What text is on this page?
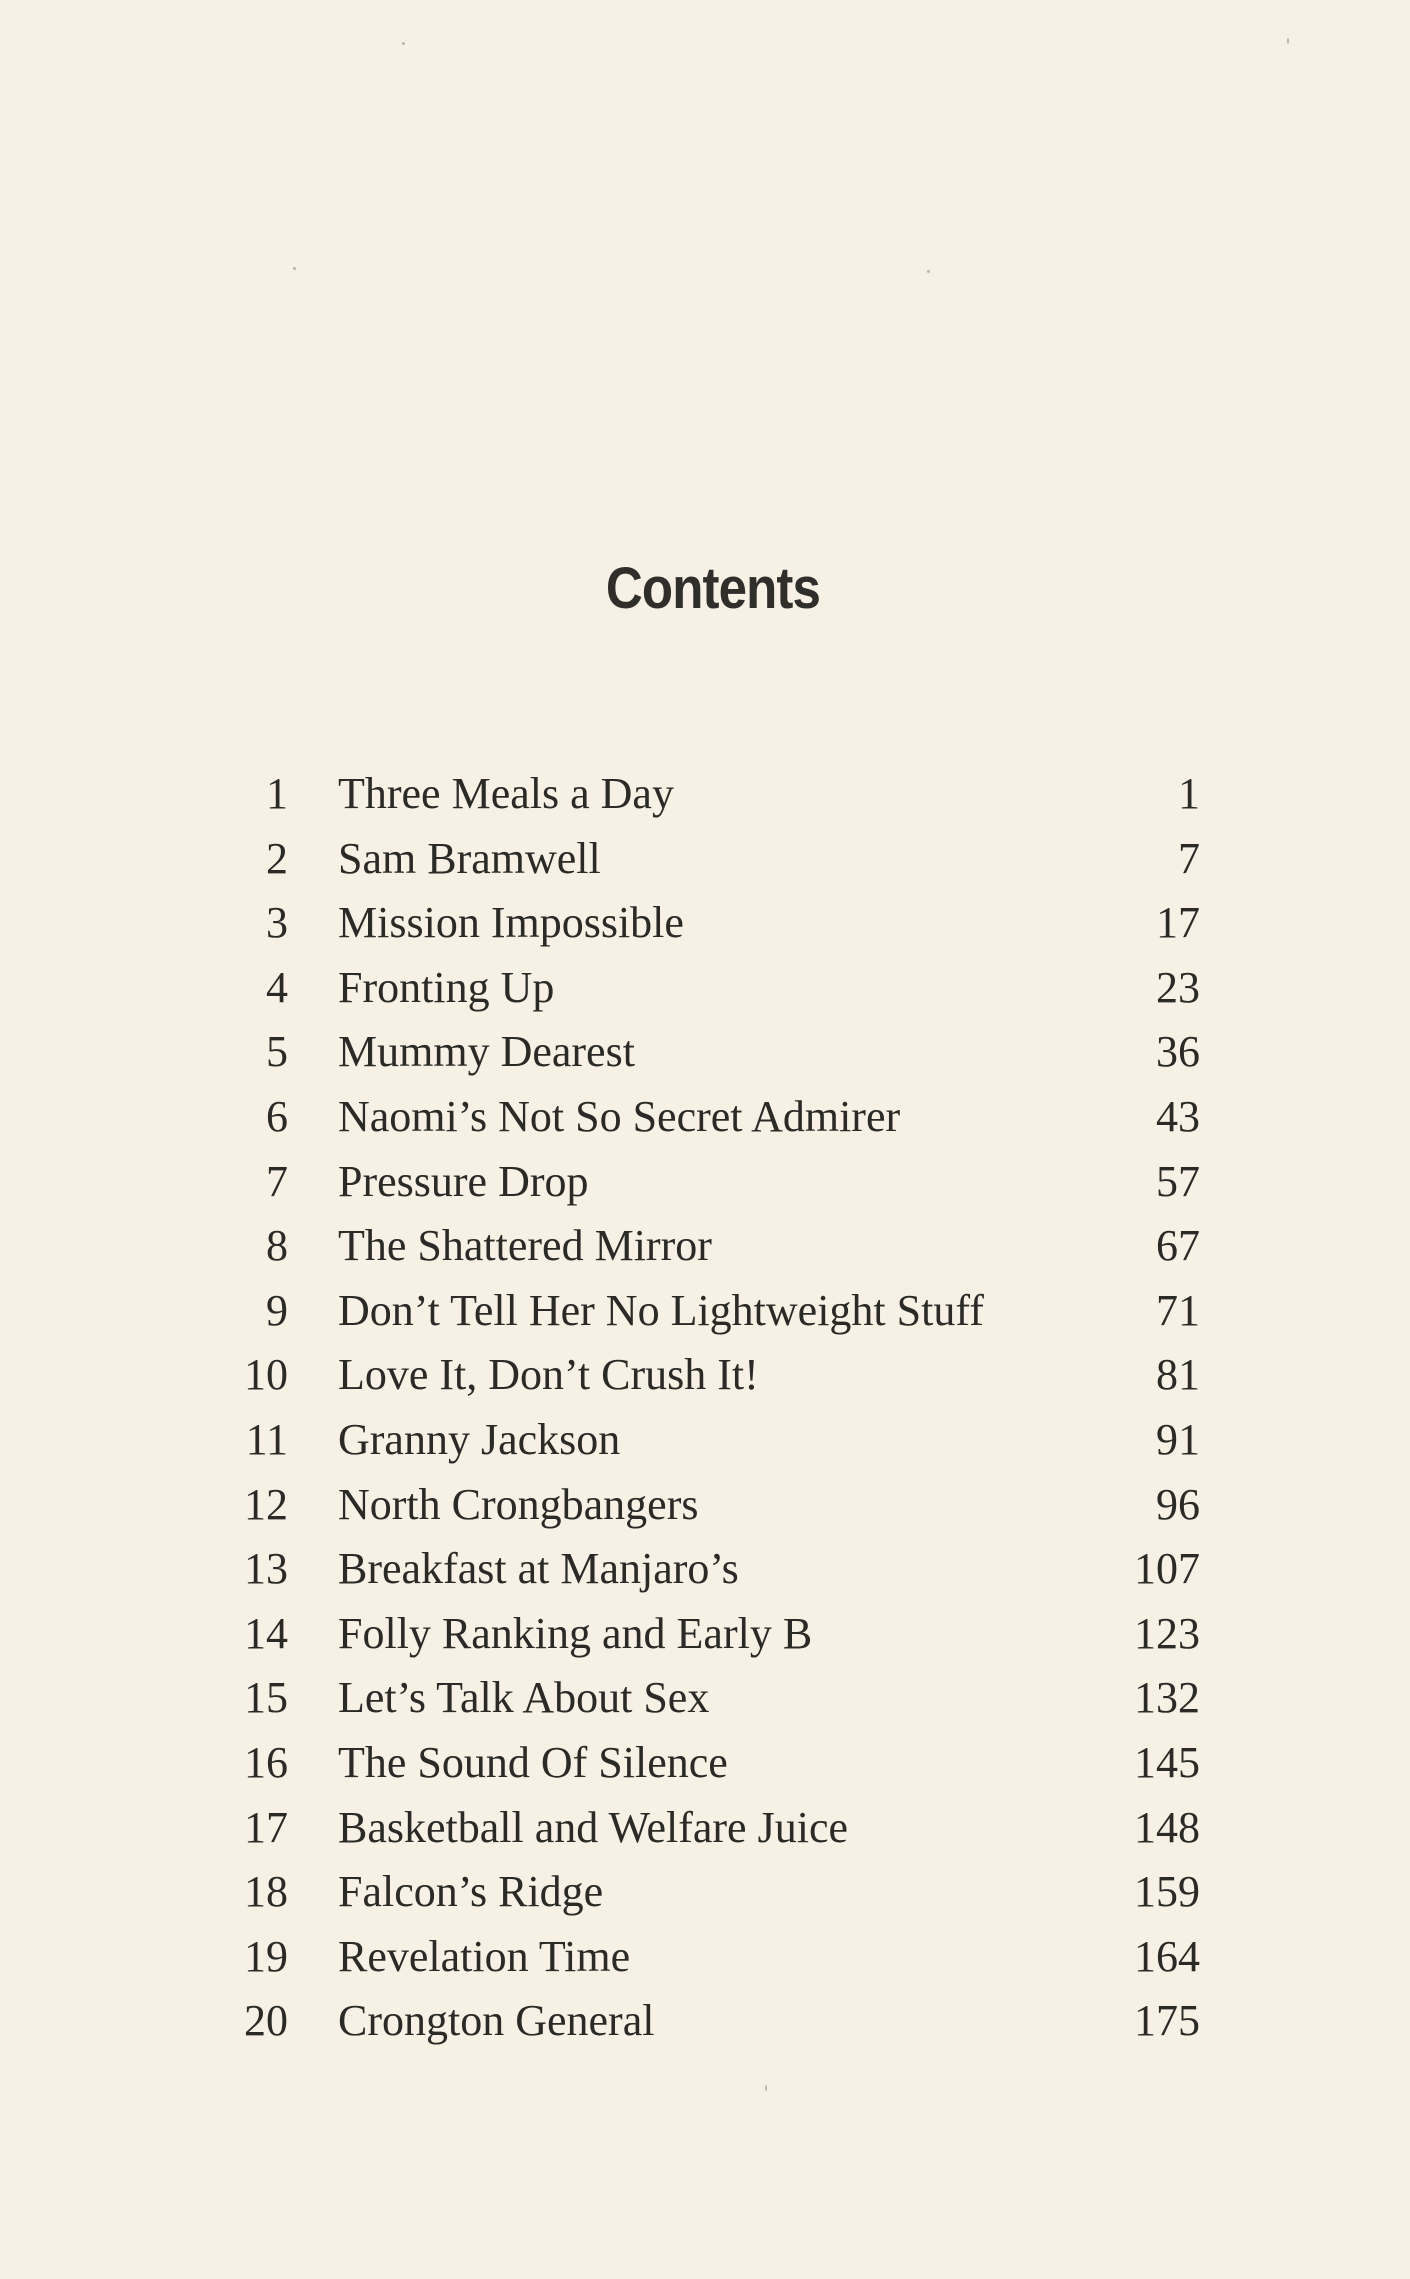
Contents
1 Three Meals a Day	1
2 Sam Bramwell	7
3 Mission Impossible	17
4 Fronting Up	23
5 Mummy Dearest	36
6 Naomi’s Not So Secret Admirer	43
7 Pressure Drop	57
8 The Shattered Mirror	67
9 Don’t Tell Her No Lightweight Stuff	71
10 Love It, Don’t Crush It!	81
11 Granny Jackson	91
12 North Crongbangers	96
13 Breakfast at Manjaro’s	107
14 Folly Ranking and Early B	123
15 Let’s Talk About Sex	132
16 The Sound Of Silence	145
17 Basketball and Welfare Juice	148
18 Falcon’s Ridge	159
19 Revelation Time	164
20 Crongton General	175
